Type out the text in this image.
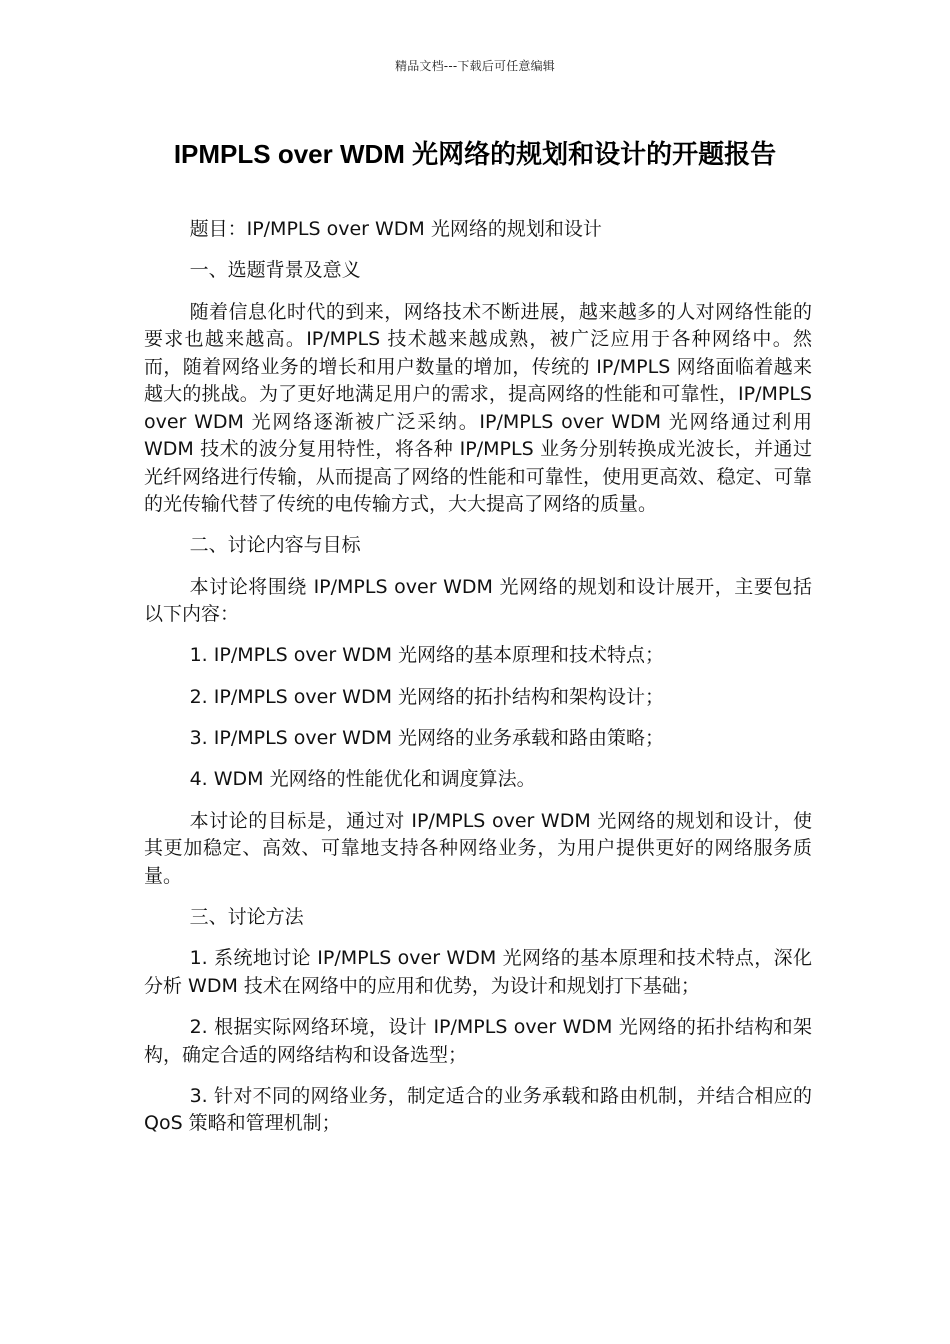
精品文档---下载后可任意编辑
IPMPLS over WDM 光网络的规划和设计的开题报告

题目：IP/MPLS over WDM 光网络的规划和设计

一、选题背景及意义

随着信息化时代的到来，网络技术不断进展，越来越多的人对网络性能的要求也越来越高。IP/MPLS 技术越来越成熟，被广泛应用于各种网络中。然而，随着网络业务的增长和用户数量的增加，传统的 IP/MPLS 网络面临着越来越大的挑战。为了更好地满足用户的需求，提高网络的性能和可靠性，IP/MPLS over WDM 光网络逐渐被广泛采纳。IP/MPLS over WDM 光网络通过利用 WDM 技术的波分复用特性，将各种 IP/MPLS 业务分别转换成光波长，并通过光纤网络进行传输，从而提高了网络的性能和可靠性，使用更高效、稳定、可靠的光传输代替了传统的电传输方式，大大提高了网络的质量。

二、讨论内容与目标

本讨论将围绕 IP/MPLS over WDM 光网络的规划和设计展开，主要包括以下内容：

1. IP/MPLS over WDM 光网络的基本原理和技术特点；

2. IP/MPLS over WDM 光网络的拓扑结构和架构设计；

3. IP/MPLS over WDM 光网络的业务承载和路由策略；

4. WDM 光网络的性能优化和调度算法。

本讨论的目标是，通过对 IP/MPLS over WDM 光网络的规划和设计，使其更加稳定、高效、可靠地支持各种网络业务，为用户提供更好的网络服务质量。

三、讨论方法

1. 系统地讨论 IP/MPLS over WDM 光网络的基本原理和技术特点，深化分析 WDM 技术在网络中的应用和优势，为设计和规划打下基础；

2. 根据实际网络环境，设计 IP/MPLS over WDM 光网络的拓扑结构和架构，确定合适的网络结构和设备选型；

3. 针对不同的网络业务，制定适合的业务承载和路由机制，并结合相应的 QoS 策略和管理机制；
